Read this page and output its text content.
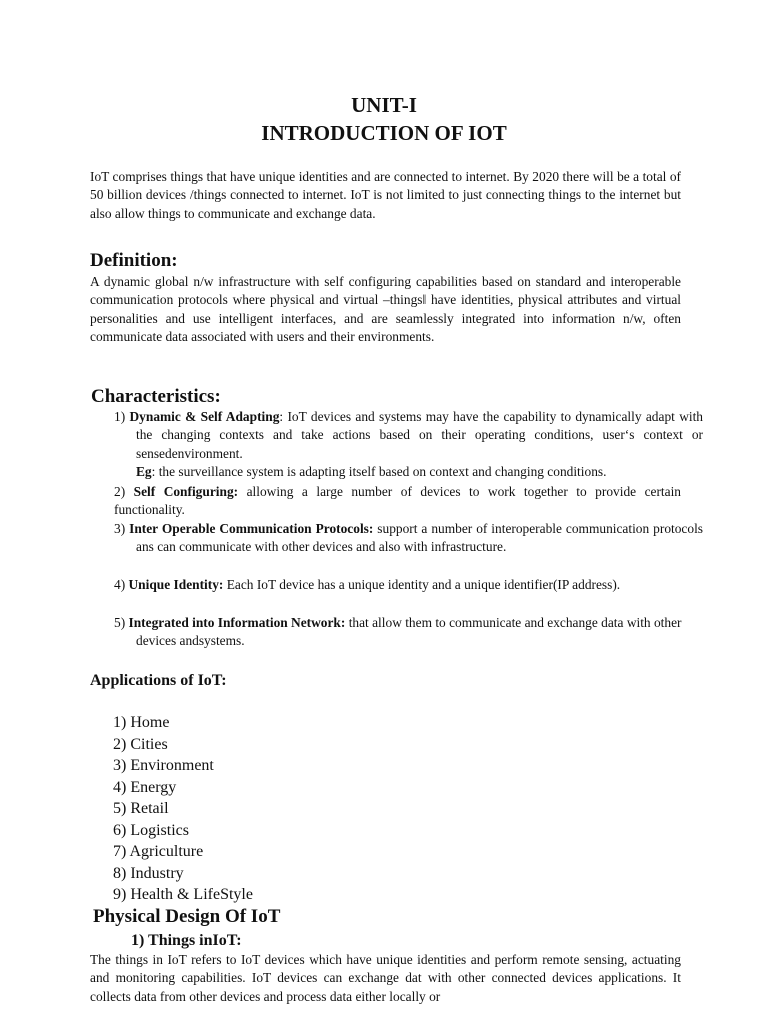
UNIT-I
INTRODUCTION OF IOT
IoT comprises things that have unique identities and are connected to internet. By 2020 there will be a total of 50 billion devices /things connected to internet. IoT is not limited to just connecting things to the internet but also allow things to communicate and exchange data.
Definition:
A dynamic global n/w infrastructure with self configuring capabilities based on standard and interoperable communication protocols where physical and virtual –things‖ have identities, physical attributes and virtual personalities and use intelligent interfaces, and are seamlessly integrated into information n/w, often communicate data associated with users and their environments.
Characteristics:
1) Dynamic & Self Adapting: IoT devices and systems may have the capability to dynamically adapt with the changing contexts and take actions based on their operating conditions, user‘s context or sensedenvironment.
Eg: the surveillance system is adapting itself based on context and changing conditions.
2) Self Configuring: allowing a large number of devices to work together to provide certain functionality.
3) Inter Operable Communication Protocols: support a number of interoperable communication protocols ans can communicate with other devices and also with infrastructure.
4) Unique Identity: Each IoT device has a unique identity and a unique identifier(IP address).
5) Integrated into Information Network: that allow them to communicate and exchange data with other devices andsystems.
Applications of IoT:
1) Home
2) Cities
3) Environment
4) Energy
5) Retail
6) Logistics
7) Agriculture
8) Industry
9) Health & LifeStyle
Physical Design Of IoT
1) Things inIoT:
The things in IoT refers to IoT devices which have unique identities and perform remote sensing, actuating and monitoring capabilities. IoT devices can exchange dat with other connected devices applications. It collects data from other devices and process data either locally or
